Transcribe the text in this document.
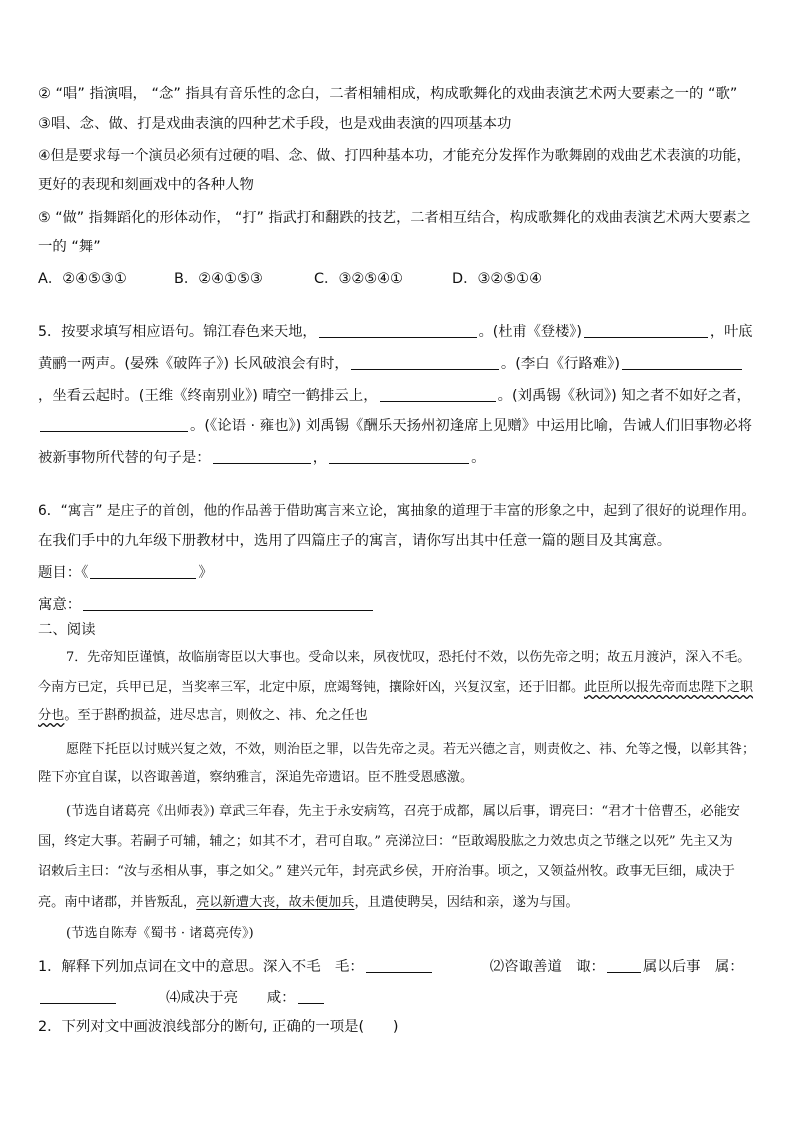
② “唱” 指演唱， “念” 指具有音乐性的念白，二者相辅相成，构成歌舞化的戏曲表演艺术两大要素之一的 “歌”
③唱、念、做、打是戏曲表演的四种艺术手段，也是戏曲表演的四项基本功
④但是要求每一个演员必须有过硬的唱、念、做、打四种基本功，才能充分发挥作为歌舞剧的戏曲艺术表演的功能，
更好的表现和刻画戏中的各种人物
⑤ “做” 指舞蹈化的形体动作， “打” 指武打和翻跌的技艺，二者相互结合，构成歌舞化的戏曲表演艺术两大要素之
一的 “舞”
A．②④⑤③①	B．②④①⑤③	C．③②⑤④①	D．③②⑤①④
5．按要求填写相应语句。锦江春色来天地，	。(杜甫《登楼》)	，叶底
黄鹂一两声。(晏殊《破阵子》) 长风破浪会有时，	。(李白《行路难》)
，坐看云起时。(王维《终南别业》) 晴空一鹤排云上，	。(刘禹锡《秋词》) 知之者不如好之者，
。(《论语 · 雍也》) 刘禹锡《酬乐天扬州初逢席上见赠》中运用比喻，告诫人们旧事物必将
被新事物所代替的句子是：	，	。
6．“寓言” 是庄子的首创，他的作品善于借助寓言来立论，寓抽象的道理于丰富的形象之中，起到了很好的说理作用。
在我们手中的九年级下册教材中，选用了四篇庄子的寓言，请你写出其中任意一篇的题目及其寓意。
题目：《	》
寓意：
二、阅读
7．先帝知臣谨慎，故临崩寄臣以大事也。受命以来，夙夜忧叹，恐托付不效，以伤先帝之明；故五月渡泸，深入不毛。
今南方已定，兵甲已足，当奖率三军，北定中原，庶竭驽钝，攘除奸凶，兴复汉室，还于旧都。此臣所以报先帝而忠陛下之职
分也。至于斟酌损益，进尽忠言，则攸之、祎、允之任也
愿陛下托臣以讨贼兴复之效，不效，则治臣之罪，以告先帝之灵。若无兴德之言，则责攸之、祎、允等之慢，以彰其咎；
陛下亦宜自谋，以咨诹善道，察纳雅言，深追先帝遗诏。臣不胜受恩感激。
(节选自诸葛亮《出师表》) 章武三年春，先主于永安病笃，召亮于成都，属以后事，谓亮曰：“君才十倍曹丕，必能安
国，终定大事。若嗣子可辅，辅之；如其不才，君可自取。” 亮涕泣曰：“臣敢竭股肱之力效忠贞之节继之以死” 先主又为
诏敕后主曰：“汝与丞相从事，事之如父。” 建兴元年，封亮武乡侯，开府治事。顷之，又领益州牧。政事无巨细，咸决于
亮。南中诸郡，并皆叛乱，亮以新遭大丧，故未便加兵，且遣使聘吴，因结和亲，遂为与国。
(节选自陈寿《蜀书 · 诸葛亮传》)
1．解释下列加点词在文中的意思。深入不毛　毛：	⑵咨诹善道　诹：	属以后事　属：
⑷咸决于亮　　咸：
2．下列对文中画波浪线部分的断句, 正确的一项是(　　)
